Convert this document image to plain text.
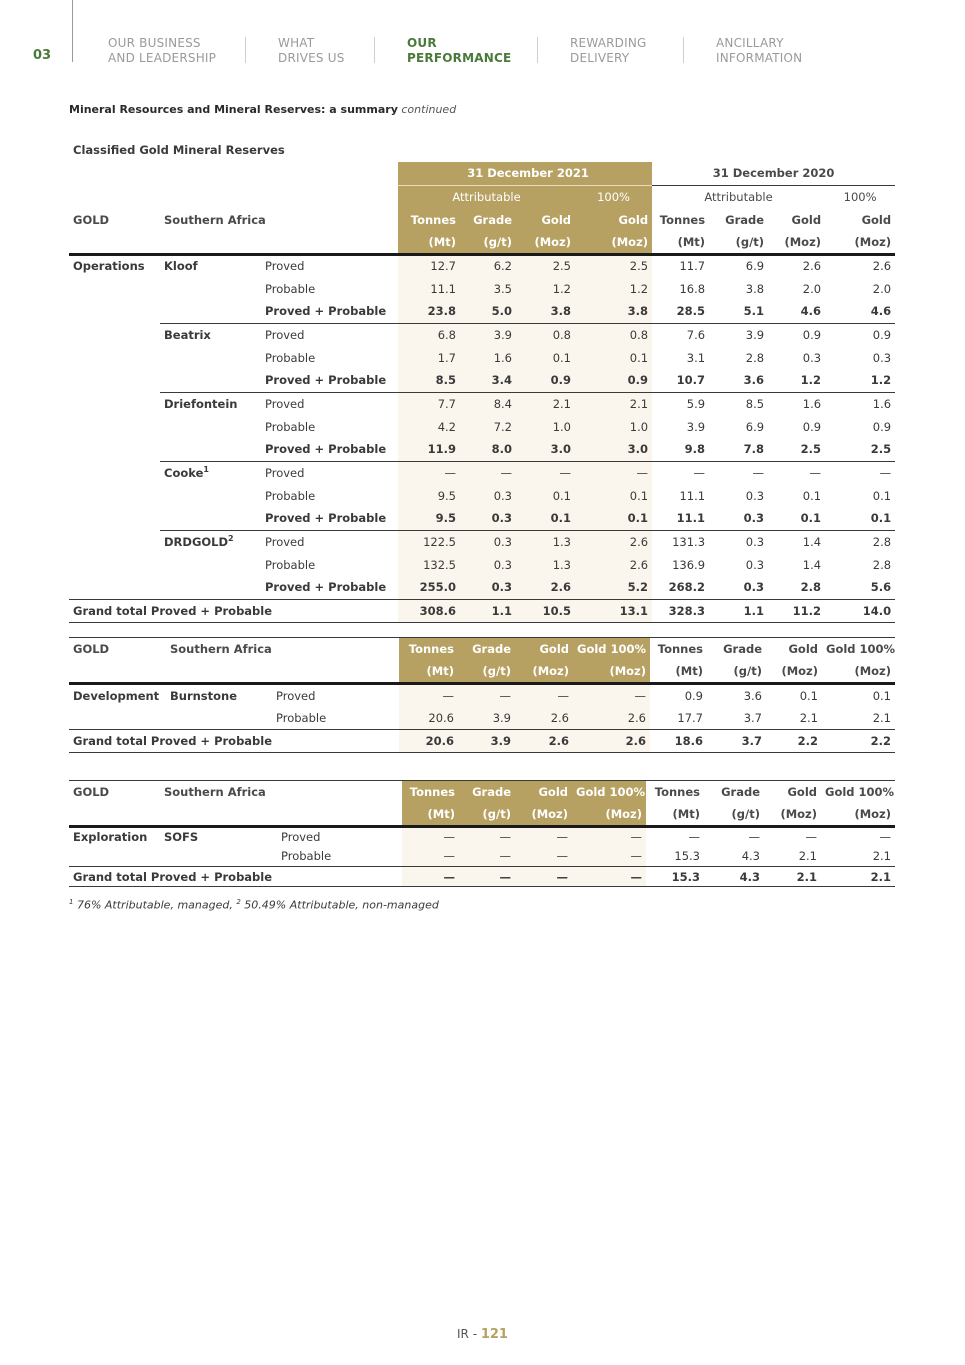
03
OUR BUSINESS
AND LEADERSHIP
WHAT
DRIVES US
OUR
PERFORMANCE
REWARDING
DELIVERY
ANCILLARY
INFORMATION
Mineral Resources and Mineral Reserves: a summary continued
Classified Gold Mineral Reserves
			31 December 2021				31 December 2020			
			Attributable			100%	Attributable			100%
GOLD	Southern Africa		Tonnes	Grade	Gold	Gold	Tonnes	Grade	Gold	Gold
			(Mt)	(g/t)	(Moz)	(Moz)	(Mt)	(g/t)	(Moz)	(Moz)
Operations	Kloof	Proved	12.7	6.2	2.5	2.5	11.7	6.9	2.6	2.6
		Probable	11.1	3.5	1.2	1.2	16.8	3.8	2.0	2.0
		Proved + Probable	23.8	5.0	3.8	3.8	28.5	5.1	4.6	4.6
	Beatrix	Proved	6.8	3.9	0.8	0.8	7.6	3.9	0.9	0.9
		Probable	1.7	1.6	0.1	0.1	3.1	2.8	0.3	0.3
		Proved + Probable	8.5	3.4	0.9	0.9	10.7	3.6	1.2	1.2
	Driefontein	Proved	7.7	8.4	2.1	2.1	5.9	8.5	1.6	1.6
		Probable	4.2	7.2	1.0	1.0	3.9	6.9	0.9	0.9
		Proved + Probable	11.9	8.0	3.0	3.0	9.8	7.8	2.5	2.5
	Cooke$^1$	Proved	—	—	—	—	—	—	—	—
		Probable	9.5	0.3	0.1	0.1	11.1	0.3	0.1	0.1
		Proved + Probable	9.5	0.3	0.1	0.1	11.1	0.3	0.1	0.1
	DRDGOLD$^2$	Proved	122.5	0.3	1.3	2.6	131.3	0.3	1.4	2.8
		Probable	132.5	0.3	1.3	2.6	136.9	0.3	1.4	2.8
		Proved + Probable	255.0	0.3	2.6	5.2	268.2	0.3	2.8	5.6
Grand total Proved + Probable			308.6	1.1	10.5	13.1	328.3	1.1	11.2	14.0
GOLD	Southern Africa		Tonnes	Grade	Gold	Gold 100%	Tonnes	Grade	Gold	Gold 100%
			(Mt)	(g/t)	(Moz)	(Moz)	(Mt)	(g/t)	(Moz)	(Moz)
Development	Burnstone	Proved	—	—	—	—	0.9	3.6	0.1	0.1
		Probable	20.6	3.9	2.6	2.6	17.7	3.7	2.1	2.1
Grand total Proved + Probable			20.6	3.9	2.6	2.6	18.6	3.7	2.2	2.2
GOLD	Southern Africa		Tonnes	Grade	Gold	Gold 100%	Tonnes	Grade	Gold	Gold 100%
			(Mt)	(g/t)	(Moz)	(Moz)	(Mt)	(g/t)	(Moz)	(Moz)
Exploration	SOFS	Proved	—	—	—	—	—	—	—	—
		Probable	—	—	—	—	15.3	4.3	2.1	2.1
Grand total Proved + Probable			—	—	—	—	15.3	4.3	2.1	2.1
$^1$ 76% Attributable, managed, $^2$ 50.49% Attributable, non-managed
IR - 121
